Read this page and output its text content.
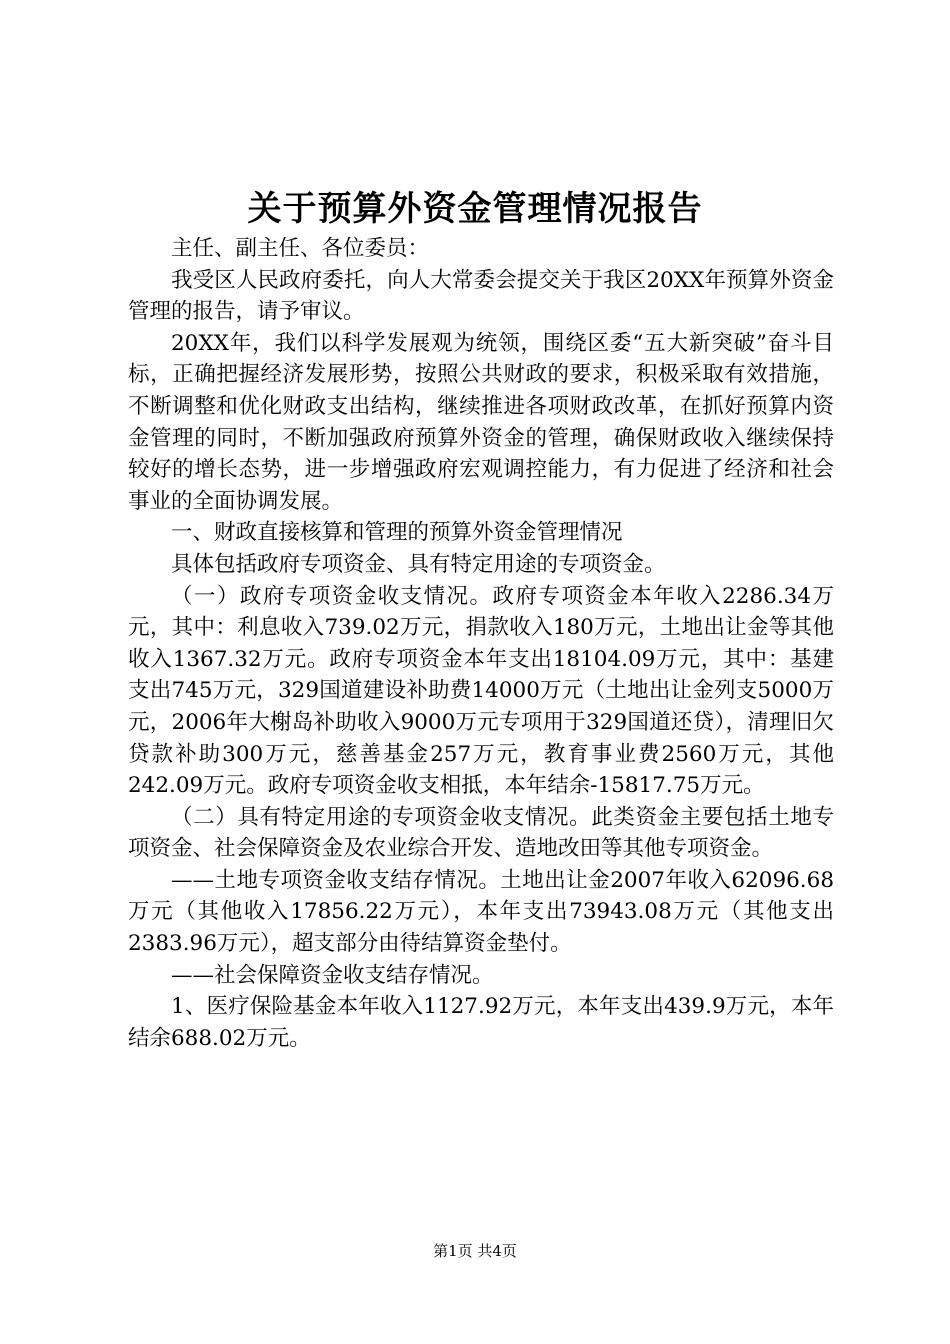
关于预算外资金管理情况报告

主任、副主任、各位委员：

我受区人民政府委托，向人大常委会提交关于我区20XX年预算外资金管理的报告，请予审议。

20XX年，我们以科学发展观为统领，围绕区委“五大新突破”奋斗目标，正确把握经济发展形势，按照公共财政的要求，积极采取有效措施，不断调整和优化财政支出结构，继续推进各项财政改革，在抓好预算内资金管理的同时，不断加强政府预算外资金的管理，确保财政收入继续保持较好的增长态势，进一步增强政府宏观调控能力，有力促进了经济和社会事业的全面协调发展。

一、财政直接核算和管理的预算外资金管理情况

具体包括政府专项资金、具有特定用途的专项资金。

（一）政府专项资金收支情况。政府专项资金本年收入2286.34万元，其中：利息收入739.02万元，捐款收入180万元，土地出让金等其他收入1367.32万元。政府专项资金本年支出18104.09万元，其中：基建支出745万元，329国道建设补助费14000万元（土地出让金列支5000万元，2006年大榭岛补助收入9000万元专项用于329国道还贷），清理旧欠贷款补助300万元，慈善基金257万元，教育事业费2560万元，其他242.09万元。政府专项资金收支相抵，本年结余-15817.75万元。

（二）具有特定用途的专项资金收支情况。此类资金主要包括土地专项资金、社会保障资金及农业综合开发、造地改田等其他专项资金。

——土地专项资金收支结存情况。土地出让金2007年收入62096.68万元（其他收入17856.22万元），本年支出73943.08万元（其他支出2383.96万元），超支部分由待结算资金垫付。

——社会保障资金收支结存情况。

1、医疗保险基金本年收入1127.92万元，本年支出439.9万元，本年结余688.02万元。

第1页 共4页
